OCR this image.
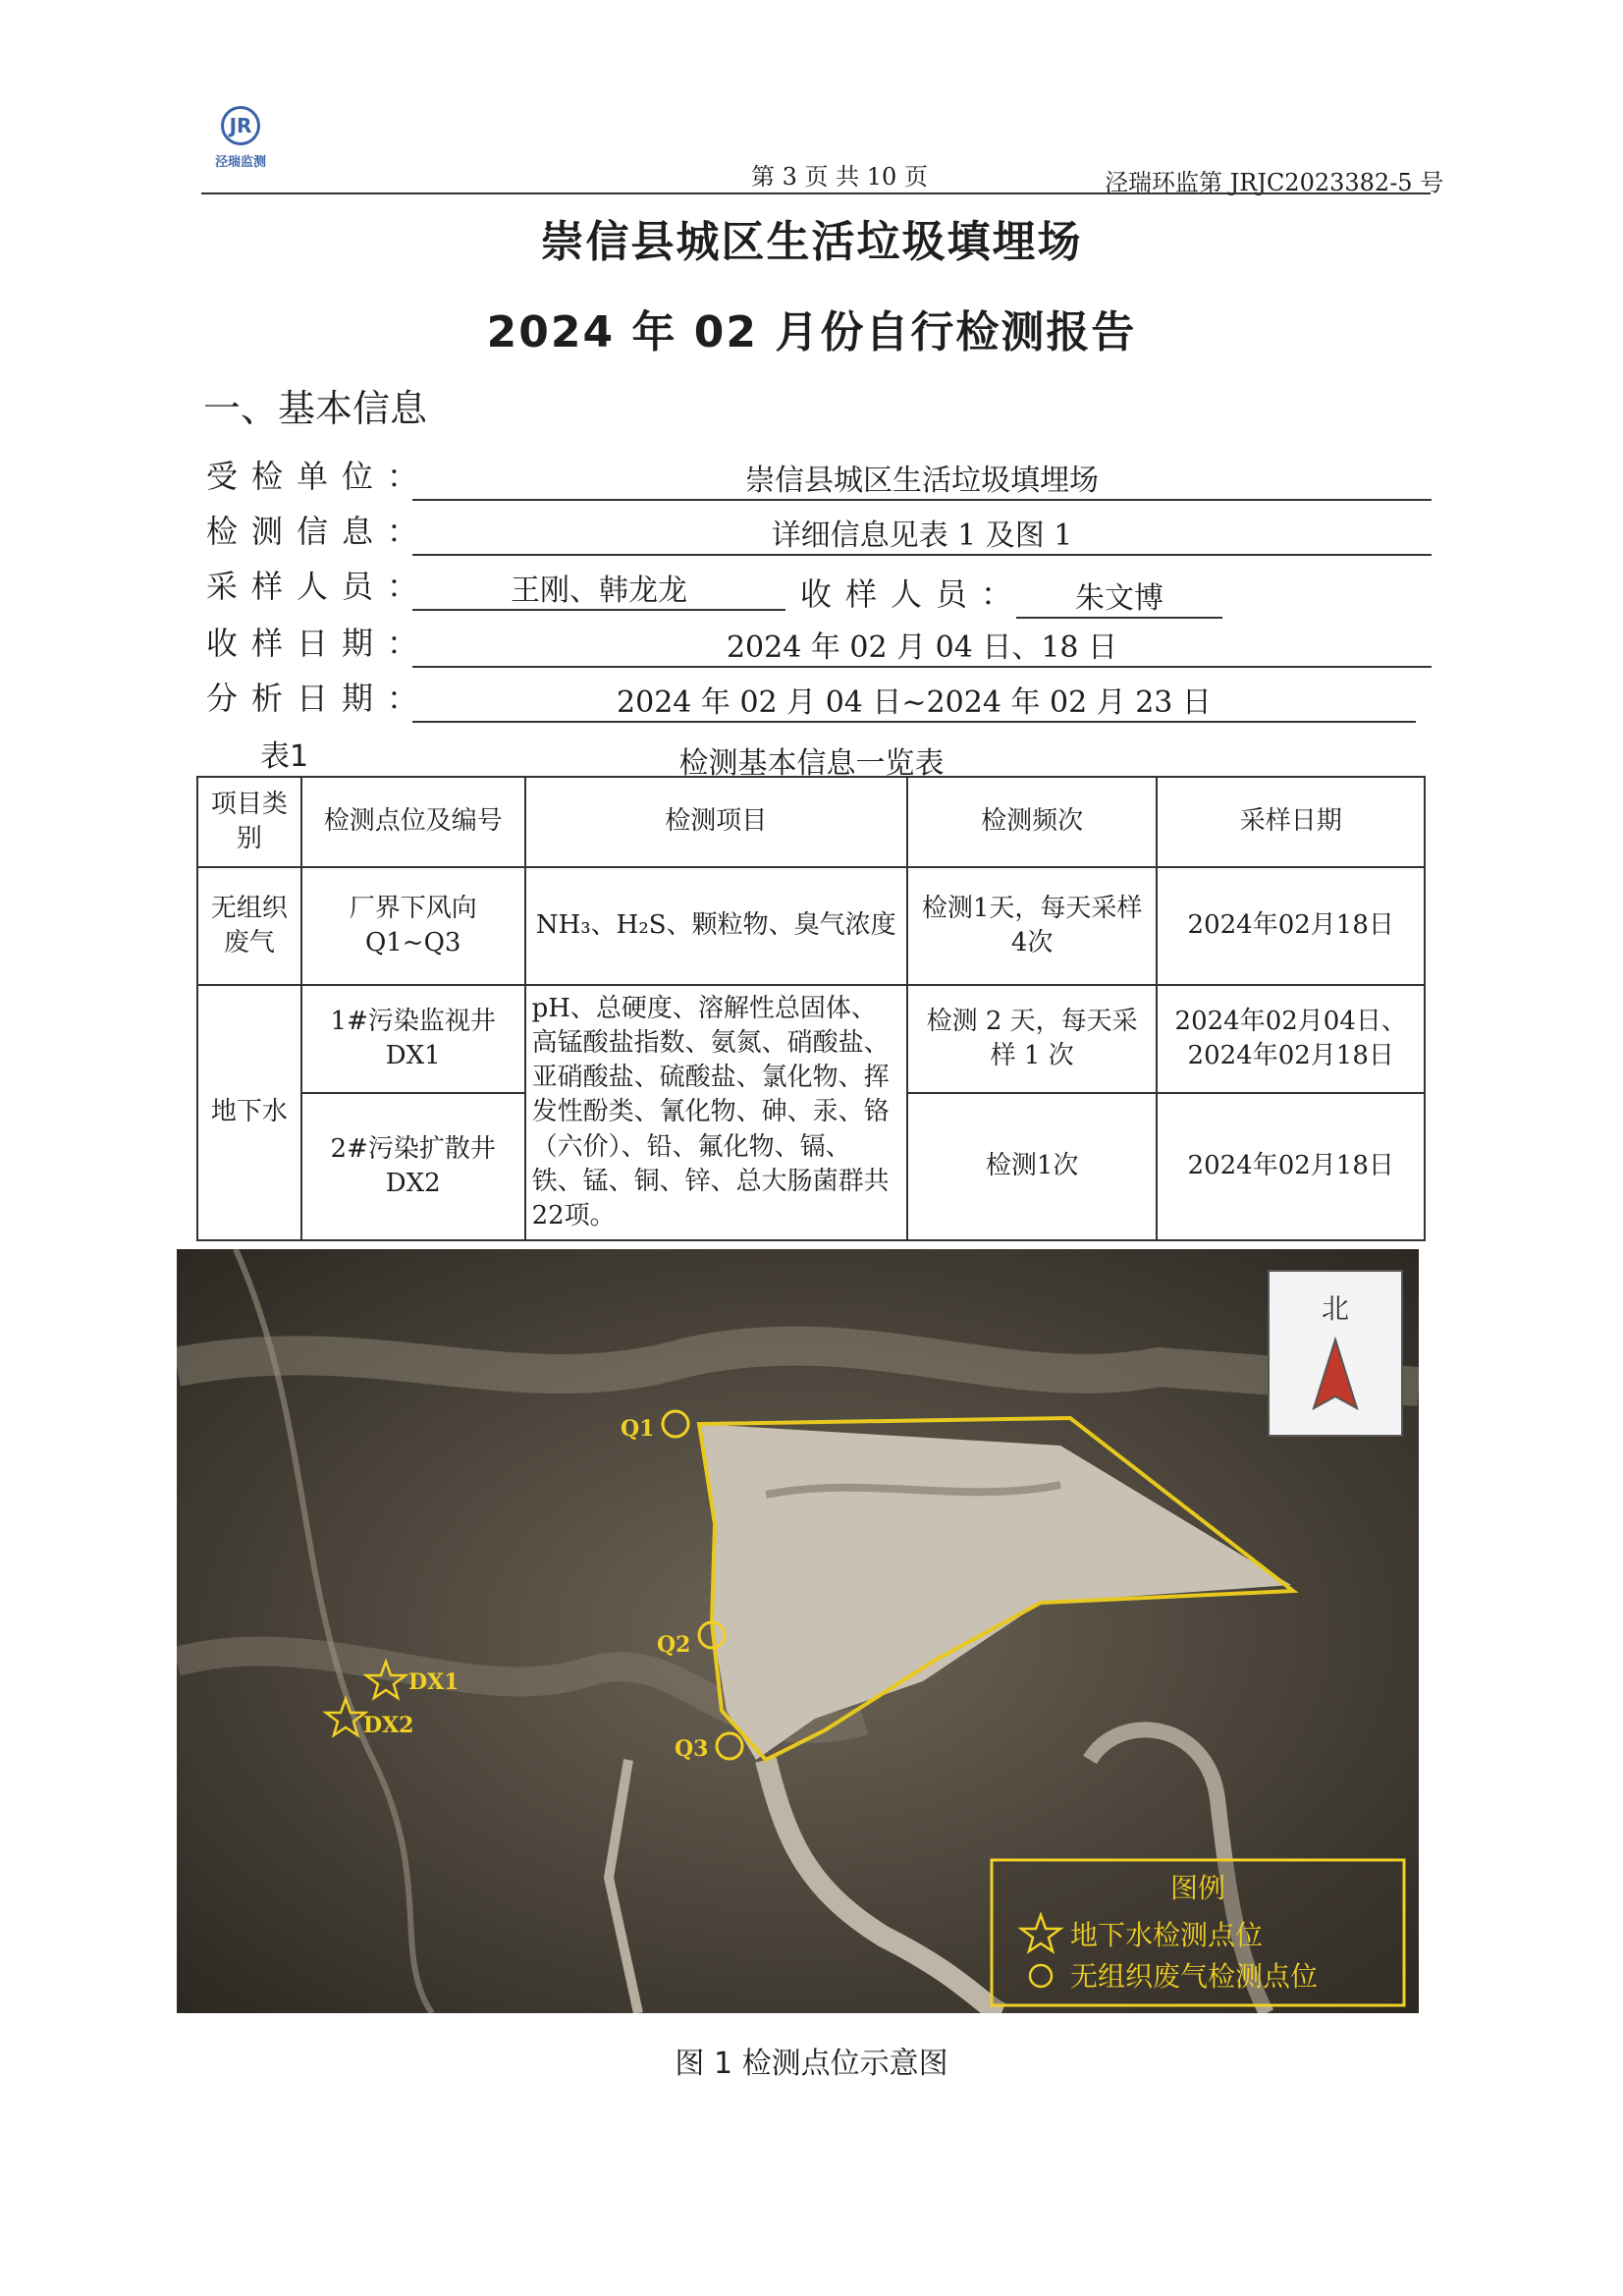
JR
泾瑞监测
第 3 页 共 10 页	泾瑞环监第 JRJC2023382-5 号
崇信县城区生活垃圾填埋场
2024 年 02 月份自行检测报告
一、基本信息
受检单位：	崇信县城区生活垃圾填埋场
检测信息：	详细信息见表 1 及图 1
采样人员：	王刚、韩龙龙	收样人员：	朱文博
收样日期：	2024 年 02 月 04 日、18 日
分析日期：	2024 年 02 月 04 日~2024 年 02 月 23 日
表1	检测基本信息一览表
项目类别	检测点位及编号	检测项目	检测频次	采样日期
无组织废气	厂界下风向 Q1~Q3	NH₃、H₂S、颗粒物、臭气浓度	检测1天，每天采样4次	2024年02月18日
地下水	1#污染监视井 DX1	pH、总硬度、溶解性总固体、高锰酸盐指数、氨氮、硝酸盐、亚硝酸盐、硫酸盐、氯化物、挥发性酚类、氰化物、砷、汞、铬（六价）、铅、氟化物、镉、铁、锰、铜、锌、总大肠菌群共22项。	检测 2 天，每天采样 1 次	2024年02月04日、2024年02月18日
	2#污染扩散井 DX2		检测1次	2024年02月18日
北
Q1
Q2
Q3
DX1
DX2
图例
地下水检测点位
无组织废气检测点位
图 1 检测点位示意图
